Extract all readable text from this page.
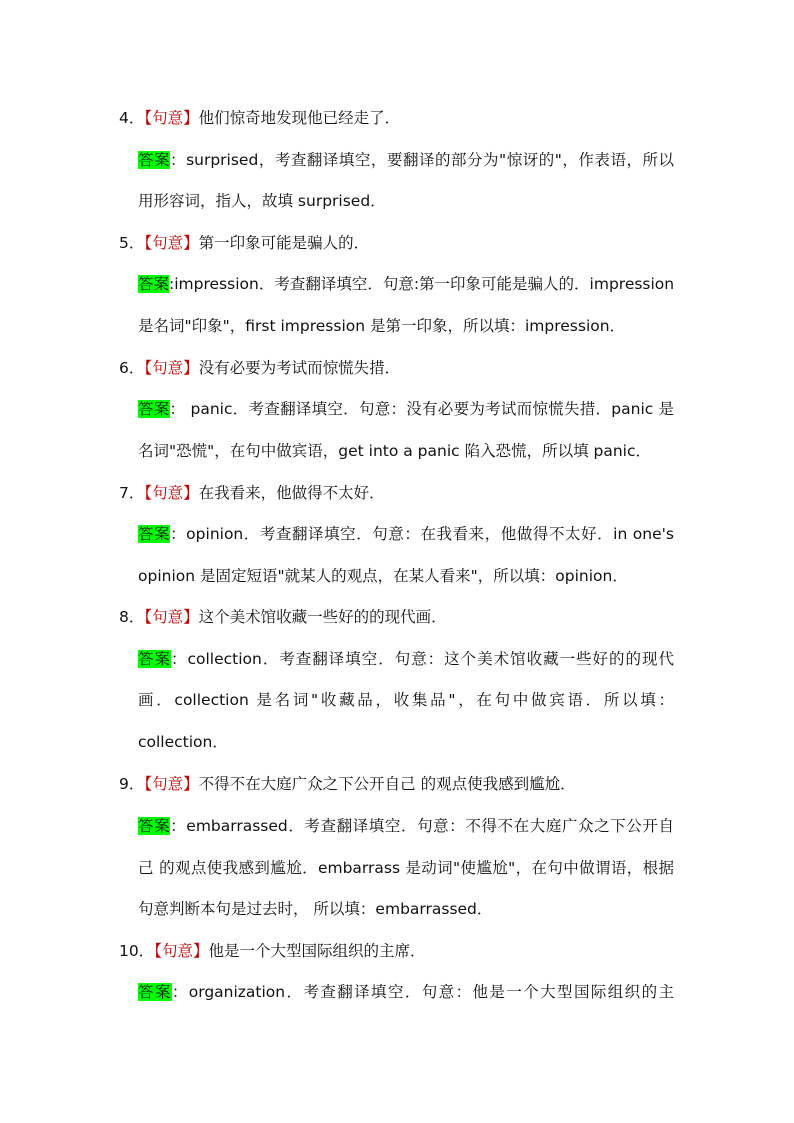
4．【句意】他们惊奇地发现他已经走了．
答案：surprised，考查翻译填空，要翻译的部分为"惊讶的"，作表语，所以
用形容词，指人，故填 surprised．
5．【句意】第一印象可能是骗人的．
答案:impression．考查翻译填空．句意:第一印象可能是骗人的．impression
是名词"印象"，first impression 是第一印象，所以填：impression．
6．【句意】没有必要为考试而惊慌失措．
答案： panic．考查翻译填空．句意：没有必要为考试而惊慌失措．panic 是
名词"恐慌"，在句中做宾语，get into a panic 陷入恐慌，所以填 panic．
7．【句意】在我看来，他做得不太好．
答案：opinion．考查翻译填空．句意：在我看来，他做得不太好．in one's
opinion 是固定短语"就某人的观点，在某人看来"，所以填：opinion．
8．【句意】这个美术馆收藏一些好的的现代画．
答案：collection．考查翻译填空．句意：这个美术馆收藏一些好的的现代
画．collection 是名词"收藏品，收集品"，在句中做宾语．所以填：
collection．
9．【句意】不得不在大庭广众之下公开自己 的观点使我感到尴尬．
答案：embarrassed．考查翻译填空．句意：不得不在大庭广众之下公开自
己 的观点使我感到尴尬．embarrass 是动词"使尴尬"，在句中做谓语，根据
句意判断本句是过去时， 所以填：embarrassed．
10．【句意】他是一个大型国际组织的主席．
答案：organization．考查翻译填空．句意：他是一个大型国际组织的主
